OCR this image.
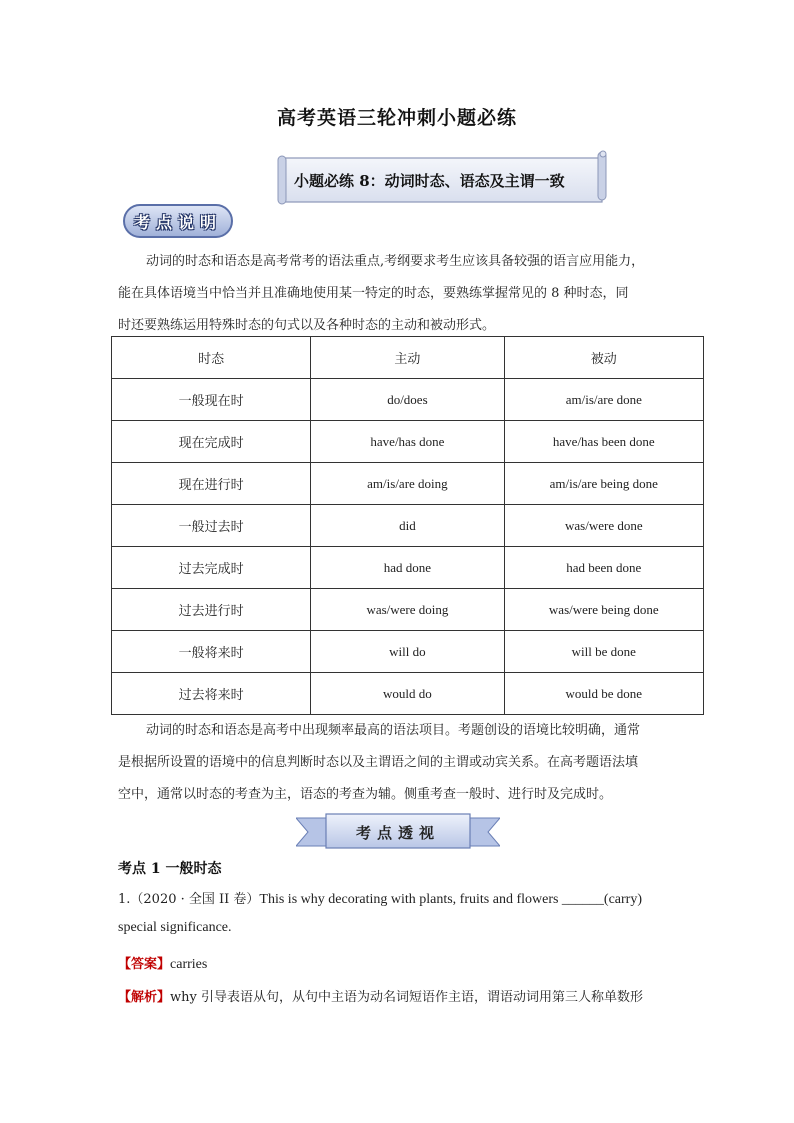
高考英语三轮冲刺小题必练
小题必练 8：动词时态、语态及主谓一致
考点说明

动词的时态和语态是高考常考的语法重点,考纲要求考生应该具备较强的语言应用能力，

能在具体语境当中恰当并且准确地使用某一特定的时态，要熟练掌握常见的 8 种时态，同
时还要熟练运用特殊时态的句式以及各种时态的主动和被动形式。
时态	主动	被动
一般现在时	do/does	am/is/are done
现在完成时	have/has done	have/has been done
现在进行时	am/is/are doing	am/is/are being done
一般过去时	did	was/were done
过去完成时	had done	had been done
过去进行时	was/were doing	was/were being done
一般将来时	will do	will be done
过去将来时	would do	would be done

动词的时态和语态是高考中出现频率最高的语法项目。考题创设的语境比较明确，通常

是根据所设置的语境中的信息判断时态以及主谓语之间的主谓或动宾关系。在高考题语法填
空中，通常以时态的考查为主，语态的考查为辅。侧重考查一般时、进行时及完成时。
考点透视
考点 1 一般时态
1.（2020 · 全国 II 卷）This is why decorating with plants, fruits and flowers ______(carry)
special significance.
【答案】carries
【解析】why 引导表语从句，从句中主语为动名词短语作主语，谓语动词用第三人称单数形
